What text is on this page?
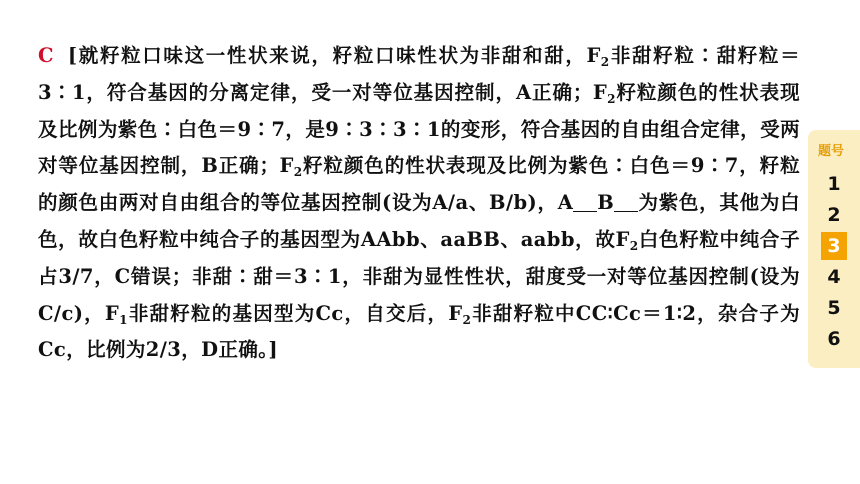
C [就籽粒口味这一性状来说，籽粒口味性状为非甜和甜，$F_2$非甜籽粒∶甜籽粒＝3∶1，符合基因的分离定律，受一对等位基因控制，A正确；$F_2$籽粒颜色的性状表现及比例为紫色∶白色＝9∶7，是9∶3∶3∶1的变形，符合基因的自由组合定律，受两对等位基因控制，B正确；$F_2$籽粒颜色的性状表现及比例为紫色∶白色＝9∶7，籽粒的颜色由两对自由组合的等位基因控制(设为A/a、B/b)，A B 为紫色，其他为白色，故白色籽粒中纯合子的基因型为AAbb、aaBB、aabb，故$F_2$白色籽粒中纯合子占3/7，C错误；非甜∶甜＝3∶1，非甜为显性性状，甜度受一对等位基因控制(设为C/c)，$F_1$非甜籽粒的基因型为Cc，自交后，$F_2$非甜籽粒中CC∶Cc＝1∶2，杂合子为Cc，比例为2/3，D正确。]
题号
1
2
3
4
5
6
